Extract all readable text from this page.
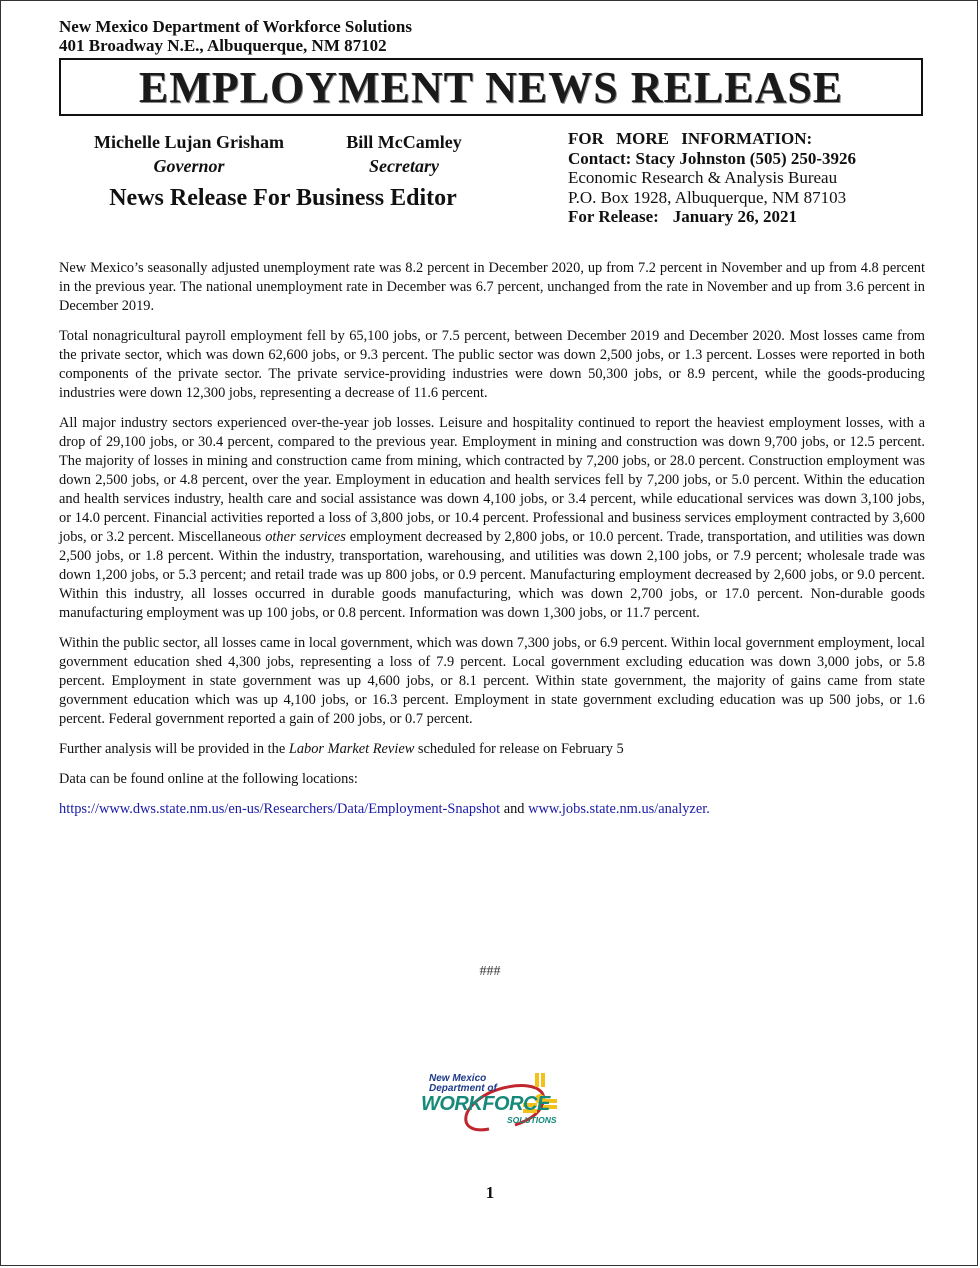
New Mexico Department of Workforce Solutions
401 Broadway N.E., Albuquerque, NM 87102
EMPLOYMENT NEWS RELEASE
Michelle Lujan Grisham
Governor
Bill McCamley
Secretary
News Release For Business Editor
FOR MORE INFORMATION:
Contact: Stacy Johnston (505) 250-3926
Economic Research & Analysis Bureau
P.O. Box 1928, Albuquerque, NM 87103
For Release: January 26, 2021

New Mexico’s seasonally adjusted unemployment rate was 8.2 percent in December 2020, up from 7.2 percent in November and up from 4.8 percent in the previous year. The national unemployment rate in December was 6.7 percent, unchanged from the rate in November and up from 3.6 percent in December 2019.

Total nonagricultural payroll employment fell by 65,100 jobs, or 7.5 percent, between December 2019 and December 2020. Most losses came from the private sector, which was down 62,600 jobs, or 9.3 percent. The public sector was down 2,500 jobs, or 1.3 percent. Losses were reported in both components of the private sector. The private service-providing industries were down 50,300 jobs, or 8.9 percent, while the goods-producing industries were down 12,300 jobs, representing a decrease of 11.6 percent.

All major industry sectors experienced over-the-year job losses. Leisure and hospitality continued to report the heaviest employment losses, with a drop of 29,100 jobs, or 30.4 percent, compared to the previous year. Employment in mining and construction was down 9,700 jobs, or 12.5 percent. The majority of losses in mining and construction came from mining, which contracted by 7,200 jobs, or 28.0 percent. Construction employment was down 2,500 jobs, or 4.8 percent, over the year. Employment in education and health services fell by 7,200 jobs, or 5.0 percent. Within the education and health services industry, health care and social assistance was down 4,100 jobs, or 3.4 percent, while educational services was down 3,100 jobs, or 14.0 percent. Financial activities reported a loss of 3,800 jobs, or 10.4 percent. Professional and business services employment contracted by 3,600 jobs, or 3.2 percent. Miscellaneous other services employment decreased by 2,800 jobs, or 10.0 percent. Trade, transportation, and utilities was down 2,500 jobs, or 1.8 percent. Within the industry, transportation, warehousing, and utilities was down 2,100 jobs, or 7.9 percent; wholesale trade was down 1,200 jobs, or 5.3 percent; and retail trade was up 800 jobs, or 0.9 percent. Manufacturing employment decreased by 2,600 jobs, or 9.0 percent. Within this industry, all losses occurred in durable goods manufacturing, which was down 2,700 jobs, or 17.0 percent. Non-durable goods manufacturing employment was up 100 jobs, or 0.8 percent. Information was down 1,300 jobs, or 11.7 percent.

Within the public sector, all losses came in local government, which was down 7,300 jobs, or 6.9 percent. Within local government employment, local government education shed 4,300 jobs, representing a loss of 7.9 percent. Local government excluding education was down 3,000 jobs, or 5.8 percent. Employment in state government was up 4,600 jobs, or 8.1 percent. Within state government, the majority of gains came from state government education which was up 4,100 jobs, or 16.3 percent. Employment in state government excluding education was up 500 jobs, or 1.6 percent. Federal government reported a gain of 200 jobs, or 0.7 percent.

Further analysis will be provided in the Labor Market Review scheduled for release on February 5

Data can be found online at the following locations:

https://www.dws.state.nm.us/en-us/Researchers/Data/Employment-Snapshot and www.jobs.state.nm.us/analyzer.

###
New Mexico
Department of
WORKFORCE
SOLUTIONS
1
